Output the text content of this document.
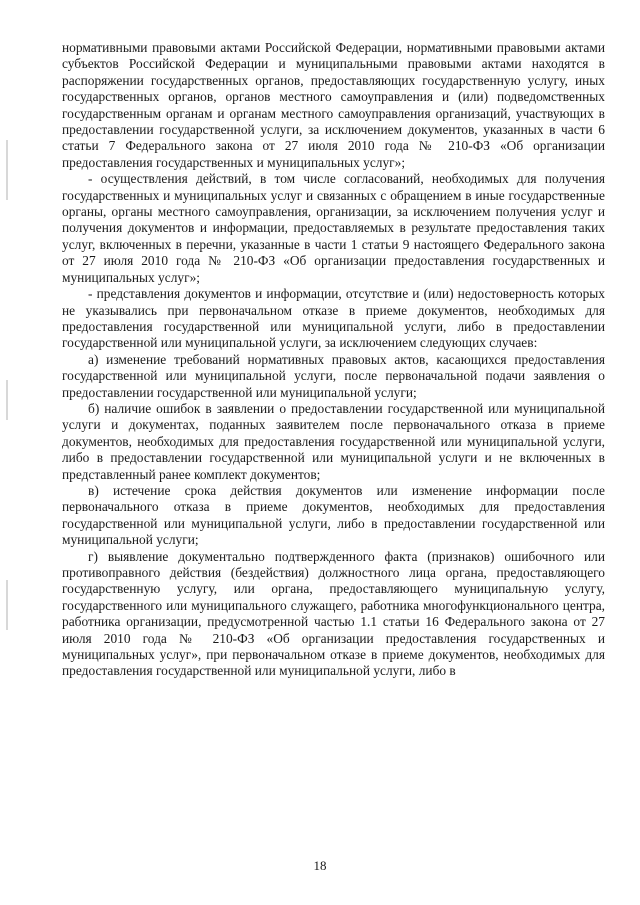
нормативными правовыми актами Российской Федерации, нормативными правовыми актами субъектов Российской Федерации и муниципальными правовыми актами находятся в распоряжении государственных органов, предоставляющих государственную услугу, иных государственных органов, органов местного самоуправления и (или) подведомственных государственным органам и органам местного самоуправления организаций, участвующих в предоставлении государственной услуги, за исключением документов, указанных в части 6 статьи 7 Федерального закона от 27 июля 2010 года № 210-ФЗ «Об организации предоставления государственных и муниципальных услуг»;

- осуществления действий, в том числе согласований, необходимых для получения государственных и муниципальных услуг и связанных с обращением в иные государственные органы, органы местного самоуправления, организации, за исключением получения услуг и получения документов и информации, предоставляемых в результате предоставления таких услуг, включенных в перечни, указанные в части 1 статьи 9 настоящего Федерального закона от 27 июля 2010 года № 210-ФЗ «Об организации предоставления государственных и муниципальных услуг»;

- представления документов и информации, отсутствие и (или) недостоверность которых не указывались при первоначальном отказе в приеме документов, необходимых для предоставления государственной или муниципальной услуги, либо в предоставлении государственной или муниципальной услуги, за исключением следующих случаев:

а) изменение требований нормативных правовых актов, касающихся предоставления государственной или муниципальной услуги, после первоначальной подачи заявления о предоставлении государственной или муниципальной услуги;

б) наличие ошибок в заявлении о предоставлении государственной или муниципальной услуги и документах, поданных заявителем после первоначального отказа в приеме документов, необходимых для предоставления государственной или муниципальной услуги, либо в предоставлении государственной или муниципальной услуги и не включенных в представленный ранее комплект документов;

в) истечение срока действия документов или изменение информации после первоначального отказа в приеме документов, необходимых для предоставления государственной или муниципальной услуги, либо в предоставлении государственной или муниципальной услуги;

г) выявление документально подтвержденного факта (признаков) ошибочного или противоправного действия (бездействия) должностного лица органа, предоставляющего государственную услугу, или органа, предоставляющего муниципальную услугу, государственного или муниципального служащего, работника многофункционального центра, работника организации, предусмотренной частью 1.1 статьи 16 Федерального закона от 27 июля 2010 года № 210-ФЗ «Об организации предоставления государственных и муниципальных услуг», при первоначальном отказе в приеме документов, необходимых для предоставления государственной или муниципальной услуги, либо в

18
